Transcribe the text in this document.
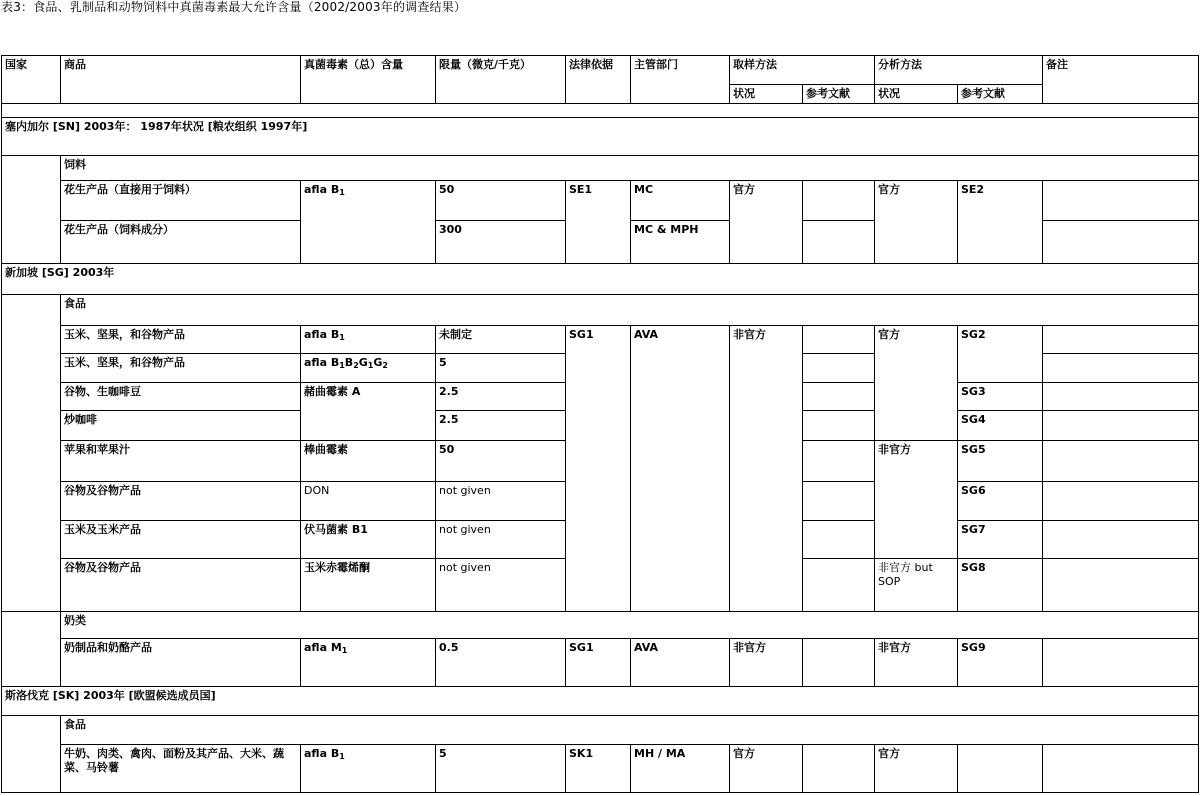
表3：食品、乳制品和动物饲料中真菌毒素最大允许含量（2002/2003年的调查结果）
国家	商品	真菌毒素（总）含量	限量（微克/千克）	法律依据	主管部门	取样方法		分析方法		备注
						状况	参考文献	状况	参考文献	

塞内加尔 [SN] 2003年： 1987年状况 [粮农组织 1997年]										
	饲料									
	花生产品（直接用于饲料）	afla $B_1$	50	SE1	MC	官方		官方	SE2	
	花生产品（饲料成分）		300		MC & MPH					
新加坡 [SG] 2003年										
	食品									
	玉米、坚果，和谷物产品	afla $B_1$	未制定	SG1	AVA	非官方		官方	SG2	
	玉米、坚果，和谷物产品	afla $B_1B_2G_1G_2$	5							
	谷物、生咖啡豆	赭曲霉素 A	2.5						SG3	
	炒咖啡		2.5						SG4	
	苹果和苹果汁	棒曲霉素	50					非官方	SG5	
	谷物及谷物产品	DON	not given						SG6	
	玉米及玉米产品	伏马菌素 B1	not given						SG7	
	谷物及谷物产品	玉米赤霉烯酮	not given					非官方 but SOP	SG8	
	奶类									
	奶制品和奶酪产品	afla $M_1$	0.5	SG1	AVA	非官方		非官方	SG9	
斯洛伐克 [SK] 2003年 [欧盟候选成员国]										
	食品									
	牛奶、肉类、禽肉、面粉及其产品、大米、蔬菜、马铃薯	afla $B_1$	5	SK1	MH / MA	官方		官方		
